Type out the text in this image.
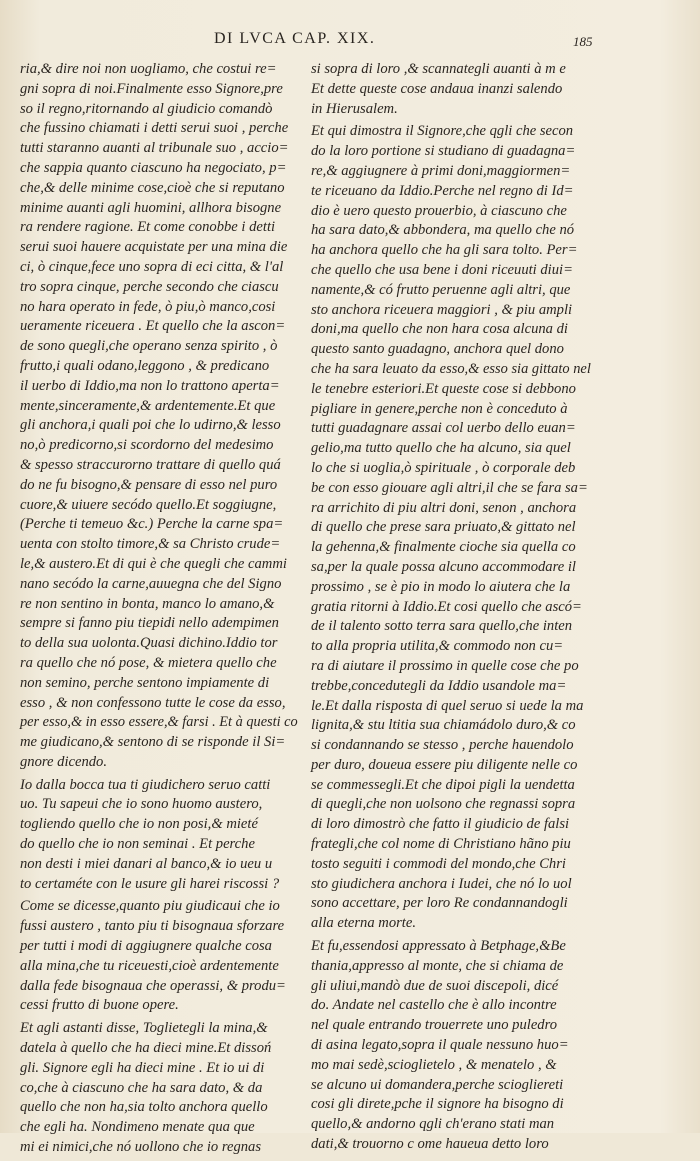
DI LVCA CAP. XIX.	185
ria,& dire noi non uogliamo, che costui re=
gni sopra di noi.Finalmente esso Signore,pre
so il regno,ritornando al giudicio comandò
che fussino chiamati i detti serui suoi , perche
tutti staranno auanti al tribunale suo , accio=
che sappia quanto ciascuno ha negociato, p=
che,& delle minime cose,cioè che si reputano
minime auanti agli huomini, allhora bisogne
ra rendere ragione. Et come conobbe i detti
serui suoi hauere acquistate per una mina die
ci, ò cinque,fece uno sopra di eci citta, & l'al
tro sopra cinque, perche secondo che ciascu
no hara operato in fede, ò piu,ò manco,cosi
ueramente riceuera . Et quello che la ascon=
de sono quegli,che operano senza spirito , ò
frutto,i quali odano,leggono , & predicano
il uerbo di Iddio,ma non lo trattono aperta=
mente,sinceramente,& ardentemente.Et que
gli anchora,i quali poi che lo udirno,& lesso
no,ò predicorno,si scordorno del medesimo
& spesso straccurorno trattare di quello quá
do ne fu bisogno,& pensare di esso nel puro
cuore,& uiuere secódo quello.Et soggiugne,
(Perche ti temeuo &c.) Perche la carne spa=
uenta con stolto timore,& sa Christo crude=
le,& austero.Et di qui è che quegli che cammi
nano secódo la carne,auuegna che del Signo
re non sentino in bonta, manco lo amano,&
sempre si fanno piu tiepidi nello adempimen
to della sua uolonta.Quasi dichino.Iddio tor
ra quello che nó pose, & mietera quello che
non semino, perche sentono impiamente di
esso , & non confessono tutte le cose da esso,
per esso,& in esso essere,& farsi . Et à questi co
me giudicano,& sentono di se risponde il Si=
gnore dicendo.
Io dalla bocca tua ti giudichero seruo catti
uo. Tu sapeui che io sono huomo austero,
togliendo quello che io non posi,& mieté
do quello che io non seminai . Et perche
non desti i miei danari al banco,& io ueu u
to certaméte con le usure gli harei riscossi ?
Come se dicesse,quanto piu giudicaui che io
fussi austero , tanto piu ti bisognaua sforzare
per tutti i modi di aggiugnere qualche cosa
alla mina,che tu riceuesti,cioè ardentemente
dalla fede bisognaua che operassi, & produ=
cessi frutto di buone opere.
Et agli astanti disse, Toglietegli la mina,&
datela à quello che ha dieci mine.Et dissoń
gli. Signore egli ha dieci mine . Et io ui di
co,che à ciascuno che ha sara dato, & da
quello che non ha,sia tolto anchora quello
che egli ha. Nondimeno menate qua que
mi ei nimici,che nó uollono che io regnas
si sopra di loro ,& scannategli auanti à m e
Et dette queste cose andaua inanzi salendo
in Hierusalem.
Et qui dimostra il Signore,che qgli che secon
do la loro portione si studiano di guadagna=
re,& aggiugnere à primi doni,maggiormen=
te riceuano da Iddio.Perche nel regno di Id=
dio è uero questo prouerbio, à ciascuno che
ha sara dato,& abbondera, ma quello che nó
ha anchora quello che ha gli sara tolto. Per=
che quello che usa bene i doni riceuuti diui=
namente,& có frutto peruenne agli altri, que
sto anchora riceuera maggiori , & piu ampli
doni,ma quello che non hara cosa alcuna di
questo santo guadagno, anchora quel dono
che ha sara leuato da esso,& esso sia gittato nel
le tenebre esteriori.Et queste cose si debbono
pigliare in genere,perche non è conceduto à
tutti guadagnare assai col uerbo dello euan=
gelio,ma tutto quello che ha alcuno, sia quel
lo che si uoglia,ò spirituale , ò corporale deb
be con esso giouare agli altri,il che se fara sa=
ra arrichito di piu altri doni, senon , anchora
di quello che prese sara priuato,& gittato nel
la gehenna,& finalmente cioche sia quella co
sa,per la quale possa alcuno accommodare il
prossimo , se è pio in modo lo aiutera che la
gratia ritorni à Iddio.Et cosi quello che ascó=
de il talento sotto terra sara quello,che inten
to alla propria utilita,& commodo non cu=
ra di aiutare il prossimo in quelle cose che po
trebbe,concedutegli da Iddio usandole ma=
le.Et dalla risposta di quel seruo si uede la ma
lignita,& stu ltitia sua chiamádolo duro,& co
si condannando se stesso , perche hauendolo
per duro, doueua essere piu diligente nelle co
se commessegli.Et che dipoi pigli la uendetta
di quegli,che non uolsono che regnassi sopra
di loro dimostrò che fatto il giudicio de falsi
frategli,che col nome di Christiano hãno piu
tosto seguiti i commodi del mondo,che Chri
sto giudichera anchora i Iudei, che nó lo uol
sono accettare, per loro Re condannandogli
alla eterna morte.
Et fu,essendosi appressato à Betphage,&Be
thania,appresso al monte, che si chiama de
gli uliui,mandò due de suoi discepoli, dicé
do. Andate nel castello che è allo incontre
nel quale entrando trouerrete uno puledro
di asina legato,sopra il quale nessuno huo=
mo mai sedè,scioglietelo , & menatelo , &
se alcuno ui domandera,perche sciogliereti
cosi gli direte,pche il signore ha bisogno di
quello,& andorno qgli ch'erano stati man
dati,& trouorno c ome haueua detto loro
